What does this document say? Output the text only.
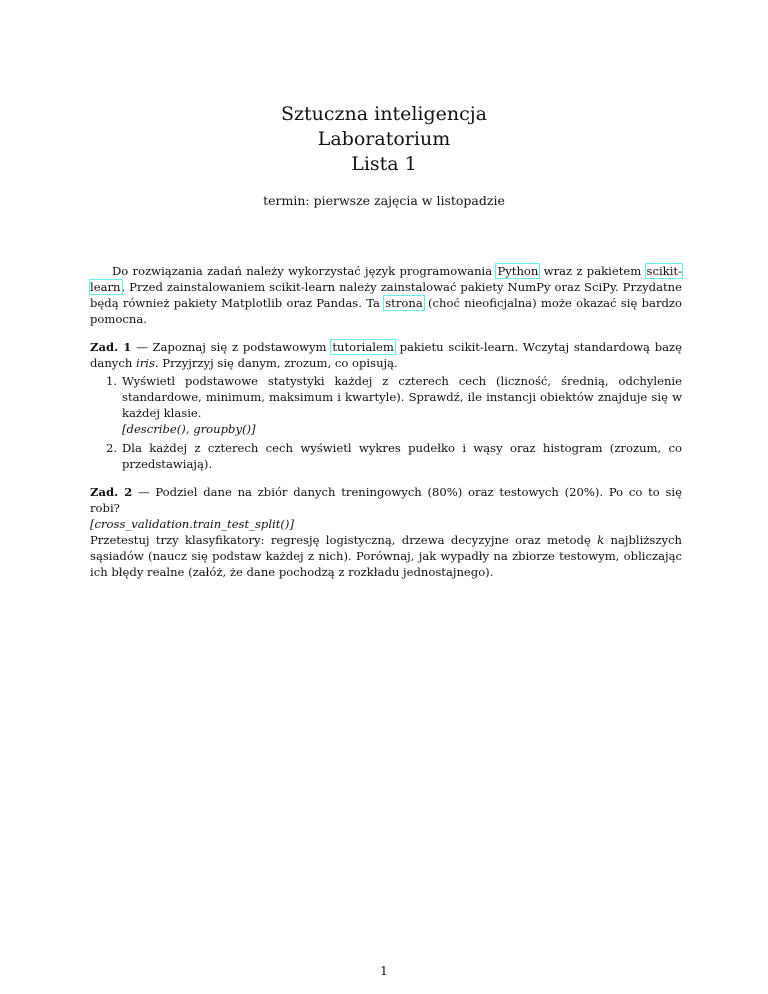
Sztuczna inteligencja
Laboratorium
Lista 1
termin: pierwsze zajęcia w listopadzie

Do rozwiązania zadań należy wykorzystać język programowania Python wraz z pakietem scikit-learn. Przed zainstalowaniem scikit-learn należy zainstalować pakiety NumPy oraz SciPy. Przydatne będą również pakiety Matplotlib oraz Pandas. Ta strona (choć nieoficjalna) może okazać się bardzo pomocna.

Zad. 1 — Zapoznaj się z podstawowym tutorialem pakietu scikit-learn. Wczytaj standardową bazę danych iris. Przyjrzyj się danym, zrozum, co opisują.

1. Wyświetl podstawowe statystyki każdej z czterech cech (liczność, średnią, odchylenie standardowe, minimum, maksimum i kwartyle). Sprawdź, ile instancji obiektów znajduje się w każdej klasie.
[describe(), groupby()]
2. Dla każdej z czterech cech wyświetl wykres pudełko i wąsy oraz histogram (zrozum, co przedstawiają).

Zad. 2 — Podziel dane na zbiór danych treningowych (80%) oraz testowych (20%). Po co to się robi?
[cross_validation.train_test_split()]
Przetestuj trzy klasyfikatory: regresję logistyczną, drzewa decyzyjne oraz metodę k najbliższych sąsiadów (naucz się podstaw każdej z nich). Porównaj, jak wypadły na zbiorze testowym, obliczając ich błędy realne (załóż, że dane pochodzą z rozkładu jednostajnego).

1
